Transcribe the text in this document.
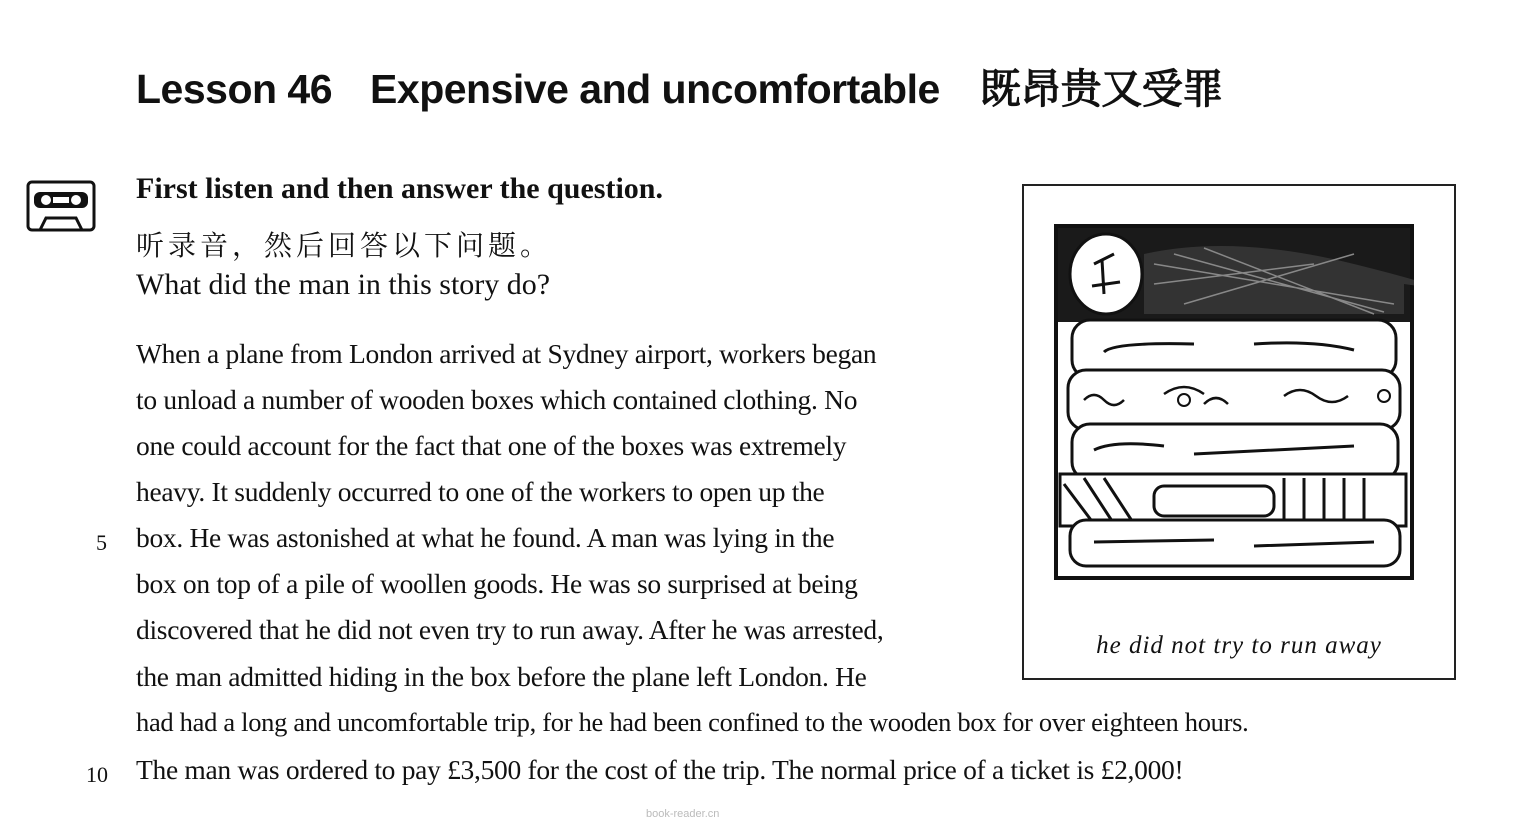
Lesson 46 Expensive and uncomfortable 既昂贵又受罪
First listen and then answer the question.
听录音，然后回答以下问题。
What did the man in this story do?
When a plane from London arrived at Sydney airport, workers began
to unload a number of wooden boxes which contained clothing. No
one could account for the fact that one of the boxes was extremely
heavy. It suddenly occurred to one of the workers to open up the
box. He was astonished at what he found. A man was lying in the
box on top of a pile of woollen goods. He was so surprised at being
discovered that he did not even try to run away. After he was arrested,
the man admitted hiding in the box before the plane left London. He
had had a long and uncomfortable trip, for he had been confined to the wooden box for over eighteen hours.
The man was ordered to pay £3,500 for the cost of the trip. The normal price of a ticket is £2,000!
5
10
he did not try to run away
book-reader.cn
